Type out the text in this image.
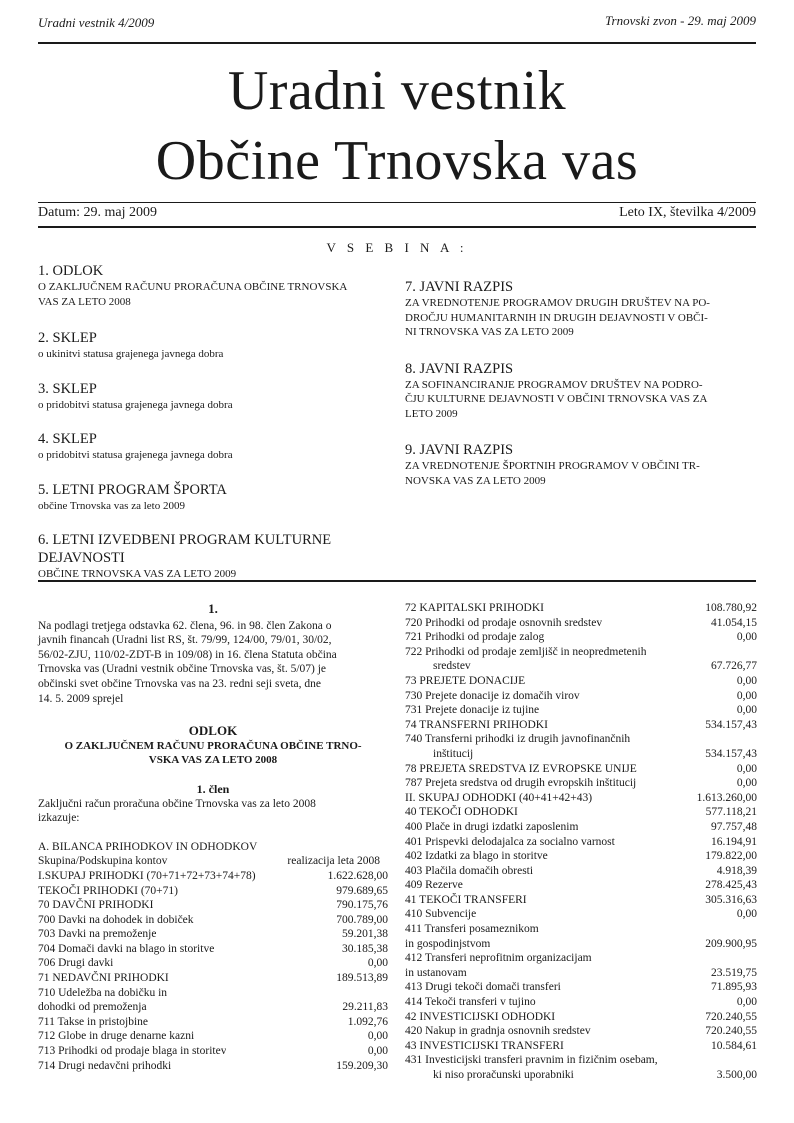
Uradni vestnik 4/2009	Trnovski zvon - 29. maj 2009
Uradni vestnik
Občine Trnovska vas
Datum: 29. maj 2009	Leto IX, številka 4/2009
V S E B I N A :
1. ODLOK
O ZAKLJUČNEM RAČUNU PRORAČUNA OBČINE TRNOVSKA
VAS ZA LETO 2008
2. SKLEP
o ukinitvi statusa grajenega javnega dobra
3. SKLEP
o pridobitvi statusa grajenega javnega dobra
4. SKLEP
o pridobitvi statusa grajenega javnega dobra
5. LETNI PROGRAM ŠPORTA
občine Trnovska vas za leto 2009
6. LETNI IZVEDBENI PROGRAM KULTURNE DEJAVNOSTI
OBČINE TRNOVSKA VAS ZA LETO 2009
7. JAVNI RAZPIS
ZA VREDNOTENJE PROGRAMOV DRUGIH DRUŠTEV NA PO-
DROČJU HUMANITARNIH IN DRUGIH DEJAVNOSTI V OBČI-
NI TRNOVSKA VAS ZA LETO 2009
8. JAVNI RAZPIS
ZA SOFINANCIRANJE PROGRAMOV DRUŠTEV NA PODRO-
ČJU KULTURNE DEJAVNOSTI V OBČINI TRNOVSKA VAS ZA
LETO 2009
9. JAVNI RAZPIS
ZA VREDNOTENJE ŠPORTNIH PROGRAMOV V OBČINI TR-
NOVSKA VAS ZA LETO 2009
1.
Na podlagi tretjega odstavka 62. člena, 96. in 98. člen Zakona o
javnih financah (Uradni list RS, št. 79/99, 124/00, 79/01, 30/02,
56/02-ZJU, 110/02-ZDT-B in 109/08) in 16. člena Statuta občina
Trnovska vas (Uradni vestnik občine Trnovska vas, št. 5/07) je
občinski svet občine Trnovska vas na 23. redni seji sveta, dne
14. 5. 2009 sprejel
ODLOK
O ZAKLJUČNEM RAČUNU PRORAČUNA OBČINE TRNO-
VSKA VAS ZA LETO 2008
1. člen
Zaključni račun proračuna občine Trnovska vas za leto 2008
izkazuje:
A. BILANCA PRIHODKOV IN ODHODKOV
Skupina/Podskupina kontov	realizacija leta 2008
I.SKUPAJ PRIHODKI (70+71+72+73+74+78)	1.622.628,00
TEKOČI PRIHODKI (70+71)	979.689,65
70 DAVČNI PRIHODKI	790.175,76
700 Davki na dohodek in dobiček	700.789,00
703 Davki na premoženje	59.201,38
704 Domači davki na blago in storitve	30.185,38
706 Drugi davki	0,00
71 NEDAVČNI PRIHODKI	189.513,89
710 Udeležba na dobičku in
dohodki od premoženja	29.211,83
711 Takse in pristojbine	1.092,76
712 Globe in druge denarne kazni	0,00
713 Prihodki od prodaje blaga in storitev	0,00
714 Drugi nedavčni prihodki	159.209,30
72 KAPITALSKI PRIHODKI	108.780,92
720 Prihodki od prodaje osnovnih sredstev	41.054,15
721 Prihodki od prodaje zalog	0,00
722 Prihodki od prodaje zemljišč in neopredmetenih
sredstev	67.726,77
73 PREJETE DONACIJE	0,00
730 Prejete donacije iz domačih virov	0,00
731 Prejete donacije iz tujine	0,00
74 TRANSFERNI PRIHODKI	534.157,43
740 Transferni prihodki iz drugih javnofinančnih
inštitucij	534.157,43
78 PREJETA SREDSTVA IZ EVROPSKE UNIJE	0,00
787 Prejeta sredstva od drugih evropskih inštitucij	0,00
II. SKUPAJ ODHODKI (40+41+42+43)	1.613.260,00
40 TEKOČI ODHODKI	577.118,21
400 Plače in drugi izdatki zaposlenim	97.757,48
401 Prispevki delodajalca za socialno varnost	16.194,91
402 Izdatki za blago in storitve	179.822,00
403 Plačila domačih obresti	4.918,39
409 Rezerve	278.425,43
41 TEKOČI TRANSFERI	305.316,63
410 Subvencije	0,00
411 Transferi posameznikom
in gospodinjstvom	209.900,95
412 Transferi neprofitnim organizacijam
in ustanovam	23.519,75
413 Drugi tekoči domači transferi	71.895,93
414 Tekoči transferi v tujino	0,00
42 INVESTICIJSKI ODHODKI	720.240,55
420 Nakup in gradnja osnovnih sredstev	720.240,55
43 INVESTICIJSKI TRANSFERI	10.584,61
431 Investicijski transferi pravnim in fizičnim osebam,
ki niso proračunski uporabniki	3.500,00
